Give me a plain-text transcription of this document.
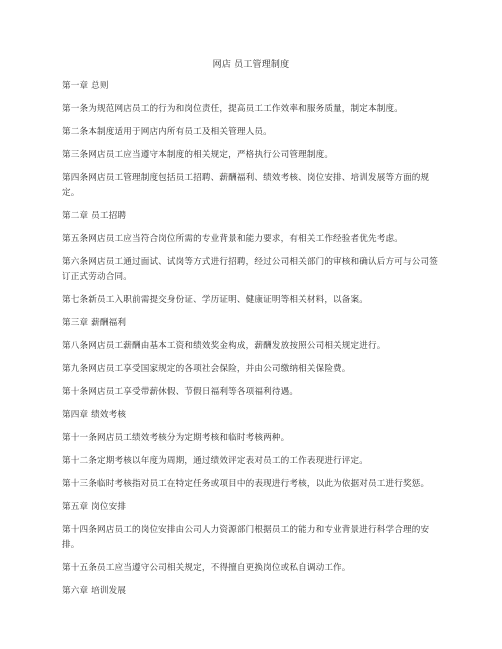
网店 员工管理制度

第一章 总则

第一条为规范网店员工的行为和岗位责任，提高员工工作效率和服务质量，制定本制度。

第二条本制度适用于网店内所有员工及相关管理人员。

第三条网店员工应当遵守本制度的相关规定，严格执行公司管理制度。

第四条网店员工管理制度包括员工招聘、薪酬福利、绩效考核、岗位安排、培训发展等方面的规定。

第二章 员工招聘

第五条网店员工应当符合岗位所需的专业背景和能力要求，有相关工作经验者优先考虑。

第六条网店员工通过面试、试岗等方式进行招聘，经过公司相关部门的审核和确认后方可与公司签订正式劳动合同。

第七条新员工入职前需提交身份证、学历证明、健康证明等相关材料，以备案。

第三章 薪酬福利

第八条网店员工薪酬由基本工资和绩效奖金构成，薪酬发放按照公司相关规定进行。

第九条网店员工享受国家规定的各项社会保险，并由公司缴纳相关保险费。

第十条网店员工享受带薪休假、节假日福利等各项福利待遇。

第四章 绩效考核

第十一条网店员工绩效考核分为定期考核和临时考核两种。

第十二条定期考核以年度为周期，通过绩效评定表对员工的工作表现进行评定。

第十三条临时考核指对员工在特定任务或项目中的表现进行考核，以此为依据对员工进行奖惩。

第五章 岗位安排

第十四条网店员工的岗位安排由公司人力资源部门根据员工的能力和专业背景进行科学合理的安排。

第十五条员工应当遵守公司相关规定，不得擅自更换岗位或私自调动工作。

第六章 培训发展
